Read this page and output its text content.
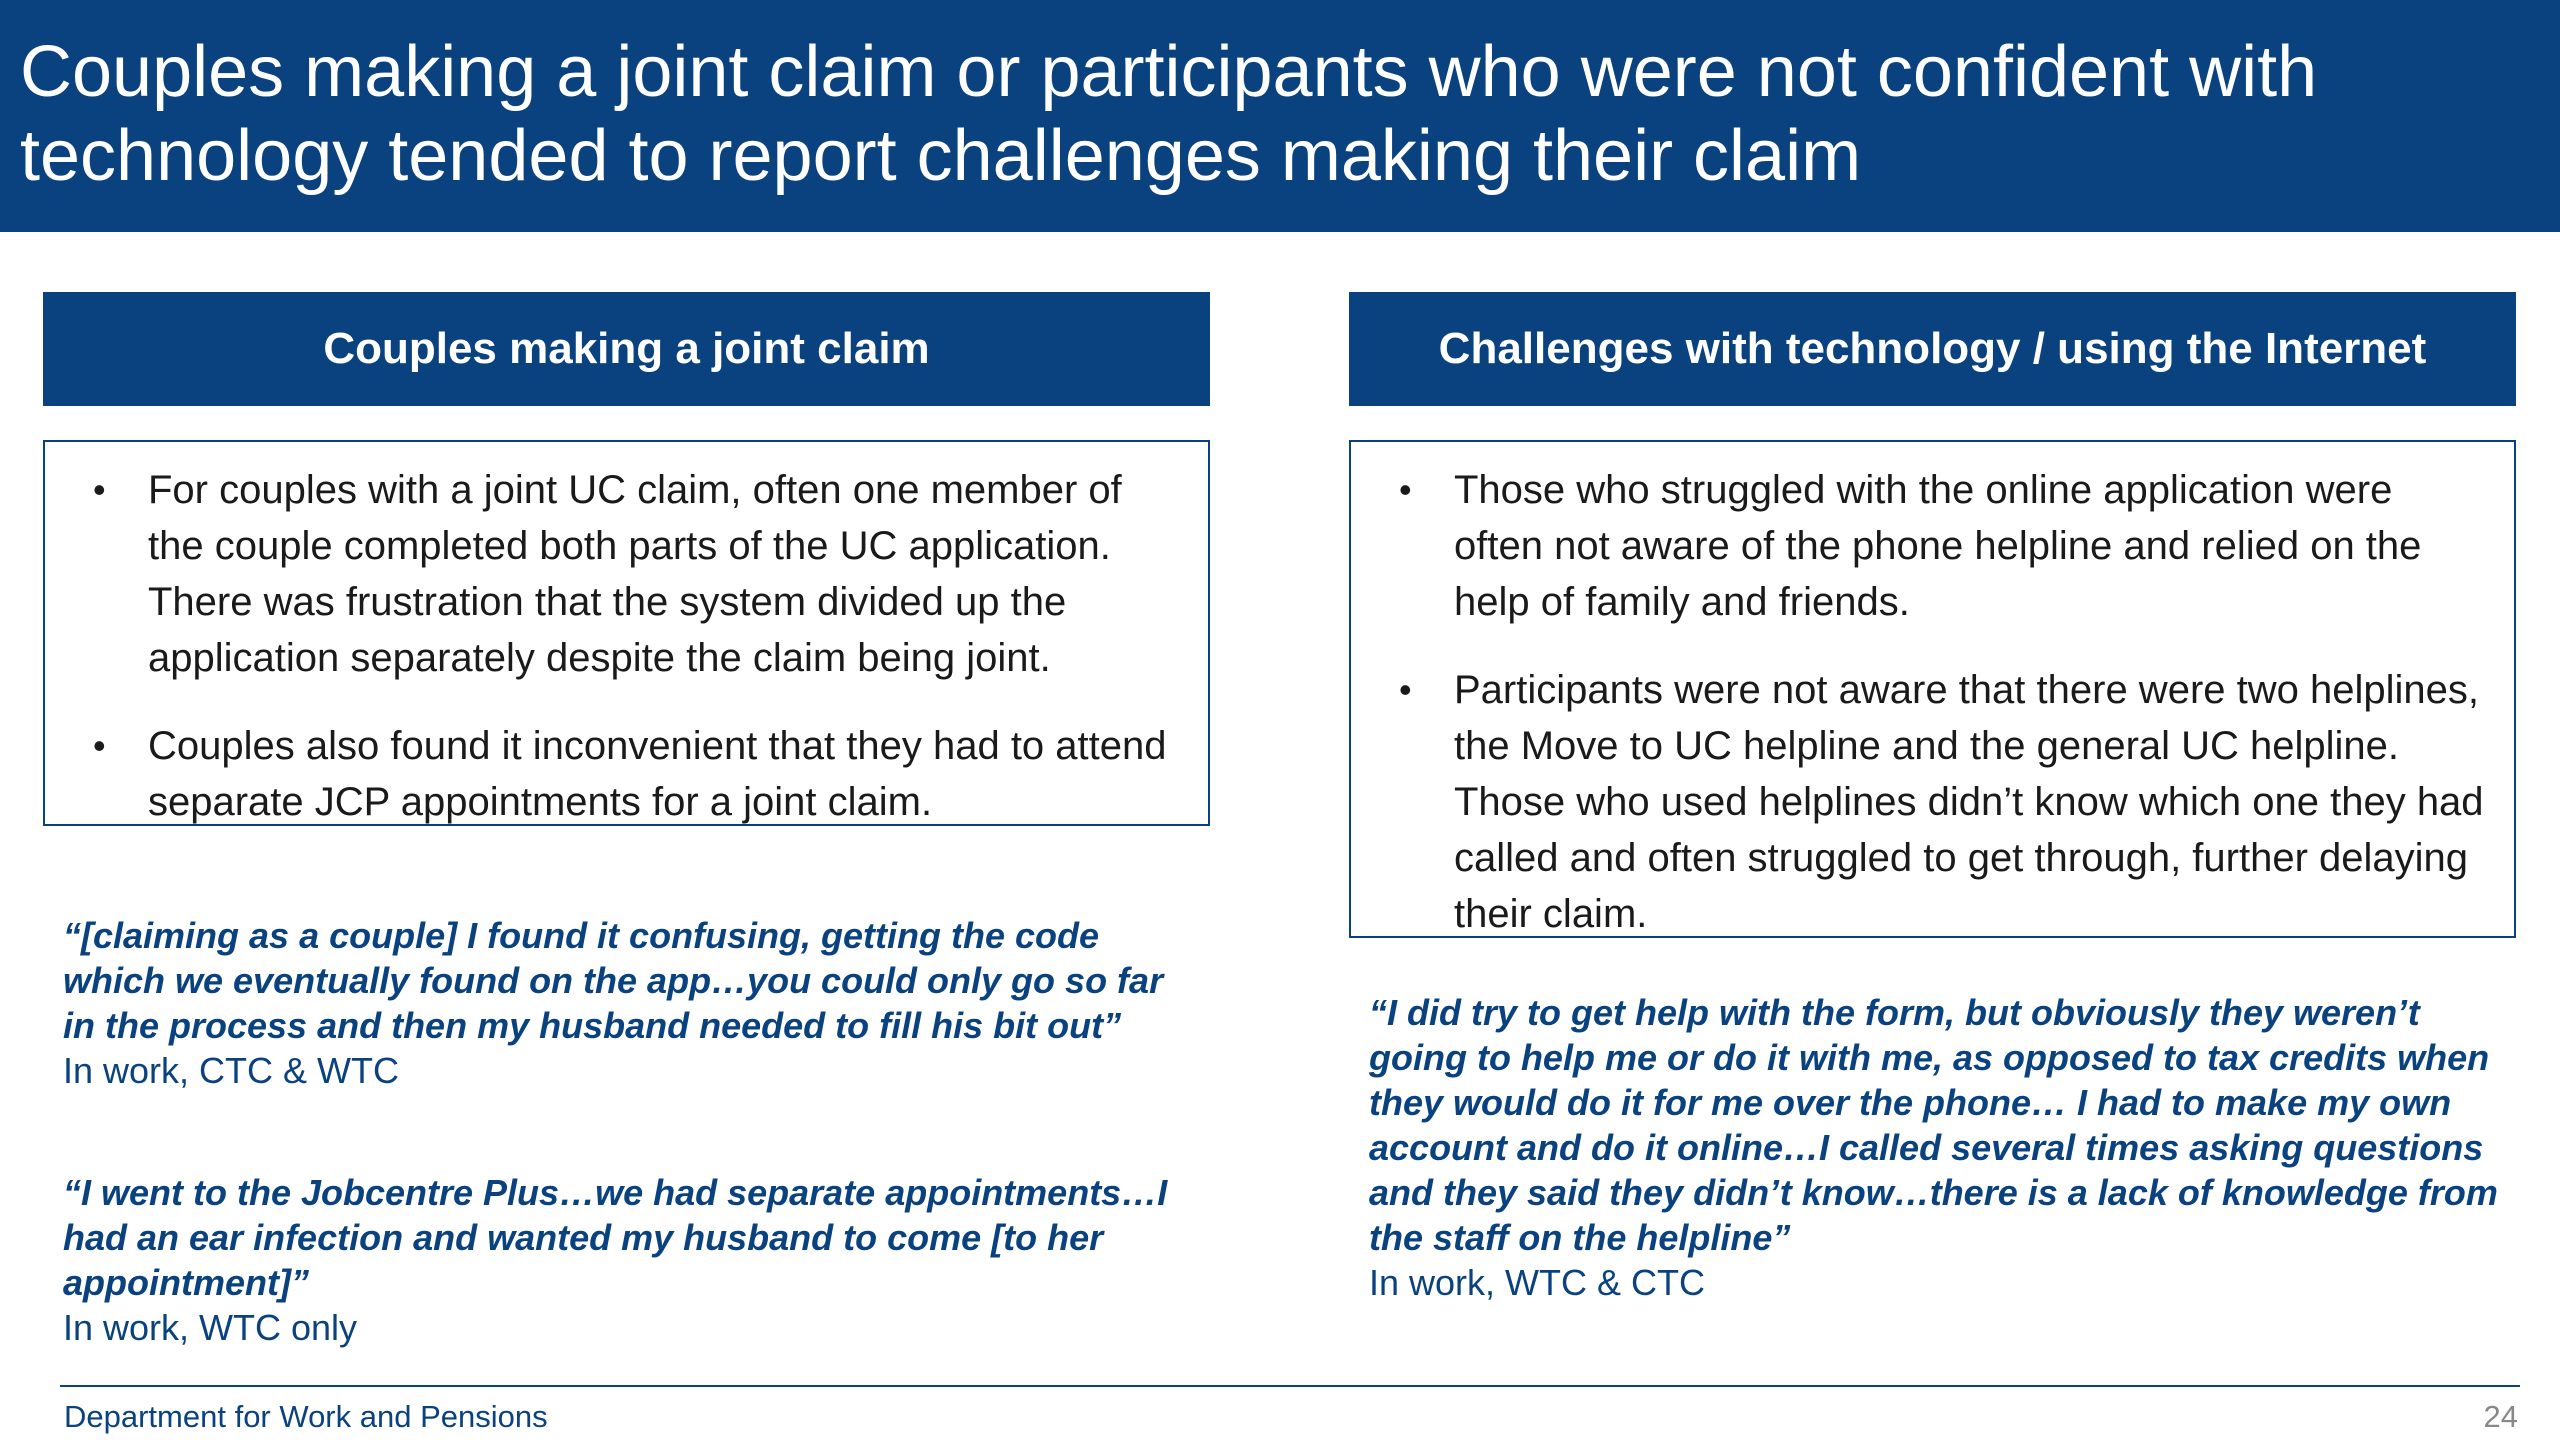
Couples making a joint claim or participants who were not confident with technology tended to report challenges making their claim
Couples making a joint claim	Challenges with technology / using the Internet
• For couples with a joint UC claim, often one member of the couple completed both parts of the UC application. There was frustration that the system divided up the application separately despite the claim being joint.
• Couples also found it inconvenient that they had to attend separate JCP appointments for a joint claim.
• Those who struggled with the online application were often not aware of the phone helpline and relied on the help of family and friends.
• Participants were not aware that there were two helplines, the Move to UC helpline and the general UC helpline. Those who used helplines didn’t know which one they had called and often struggled to get through, further delaying their claim.

“[claiming as a couple] I found it confusing, getting the code which we eventually found on the app…you could only go so far in the process and then my husband needed to fill his bit out”

In work, CTC & WTC

“I went to the Jobcentre Plus…we had separate appointments…I had an ear infection and wanted my husband to come [to her appointment]”

In work, WTC only

“I did try to get help with the form, but obviously they weren’t going to help me or do it with me, as opposed to tax credits when they would do it for me over the phone… I had to make my own account and do it online…I called several times asking questions and they said they didn’t know…there is a lack of knowledge from the staff on the helpline”

In work, WTC & CTC

Department for Work and Pensions	24
